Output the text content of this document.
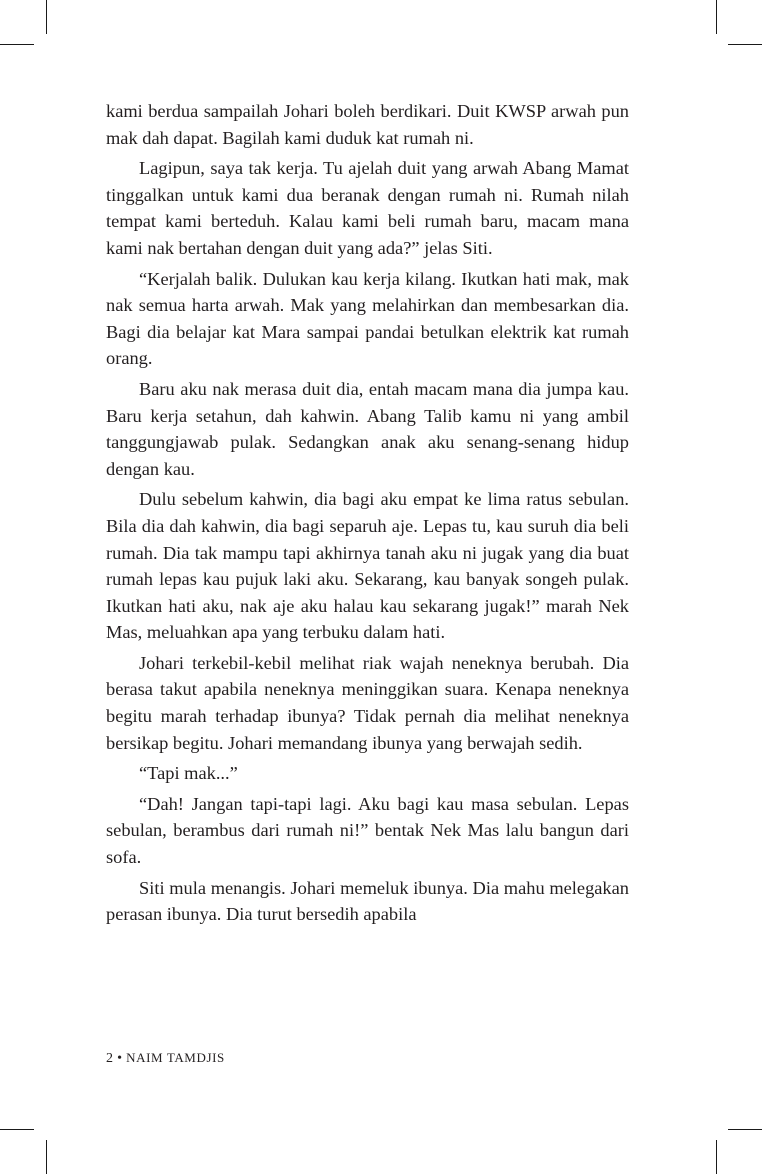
kami berdua sampailah Johari boleh berdikari. Duit KWSP arwah pun mak dah dapat. Bagilah kami duduk kat rumah ni.

Lagipun, saya tak kerja. Tu ajelah duit yang arwah Abang Mamat tinggalkan untuk kami dua beranak dengan rumah ni. Rumah nilah tempat kami berteduh. Kalau kami beli rumah baru, macam mana kami nak bertahan dengan duit yang ada?” jelas Siti.

“Kerjalah balik. Dulukan kau kerja kilang. Ikutkan hati mak, mak nak semua harta arwah. Mak yang melahirkan dan membesarkan dia. Bagi dia belajar kat Mara sampai pandai betulkan elektrik kat rumah orang.

Baru aku nak merasa duit dia, entah macam mana dia jumpa kau. Baru kerja setahun, dah kahwin. Abang Talib kamu ni yang ambil tanggungjawab pulak. Sedangkan anak aku senang-senang hidup dengan kau.

Dulu sebelum kahwin, dia bagi aku empat ke lima ratus sebulan. Bila dia dah kahwin, dia bagi separuh aje. Lepas tu, kau suruh dia beli rumah. Dia tak mampu tapi akhirnya tanah aku ni jugak yang dia buat rumah lepas kau pujuk laki aku. Sekarang, kau banyak songeh pulak. Ikutkan hati aku, nak aje aku halau kau sekarang jugak!” marah Nek Mas, meluahkan apa yang terbuku dalam hati.

Johari terkebil-kebil melihat riak wajah neneknya berubah. Dia berasa takut apabila neneknya meninggikan suara. Kenapa neneknya begitu marah terhadap ibunya? Tidak pernah dia melihat neneknya bersikap begitu. Johari memandang ibunya yang berwajah sedih.

“Tapi mak...”

“Dah! Jangan tapi-tapi lagi. Aku bagi kau masa sebulan. Lepas sebulan, berambus dari rumah ni!” bentak Nek Mas lalu bangun dari sofa.

Siti mula menangis. Johari memeluk ibunya. Dia mahu melegakan perasan ibunya. Dia turut bersedih apabila

2 • NAIM TAMDJIS
